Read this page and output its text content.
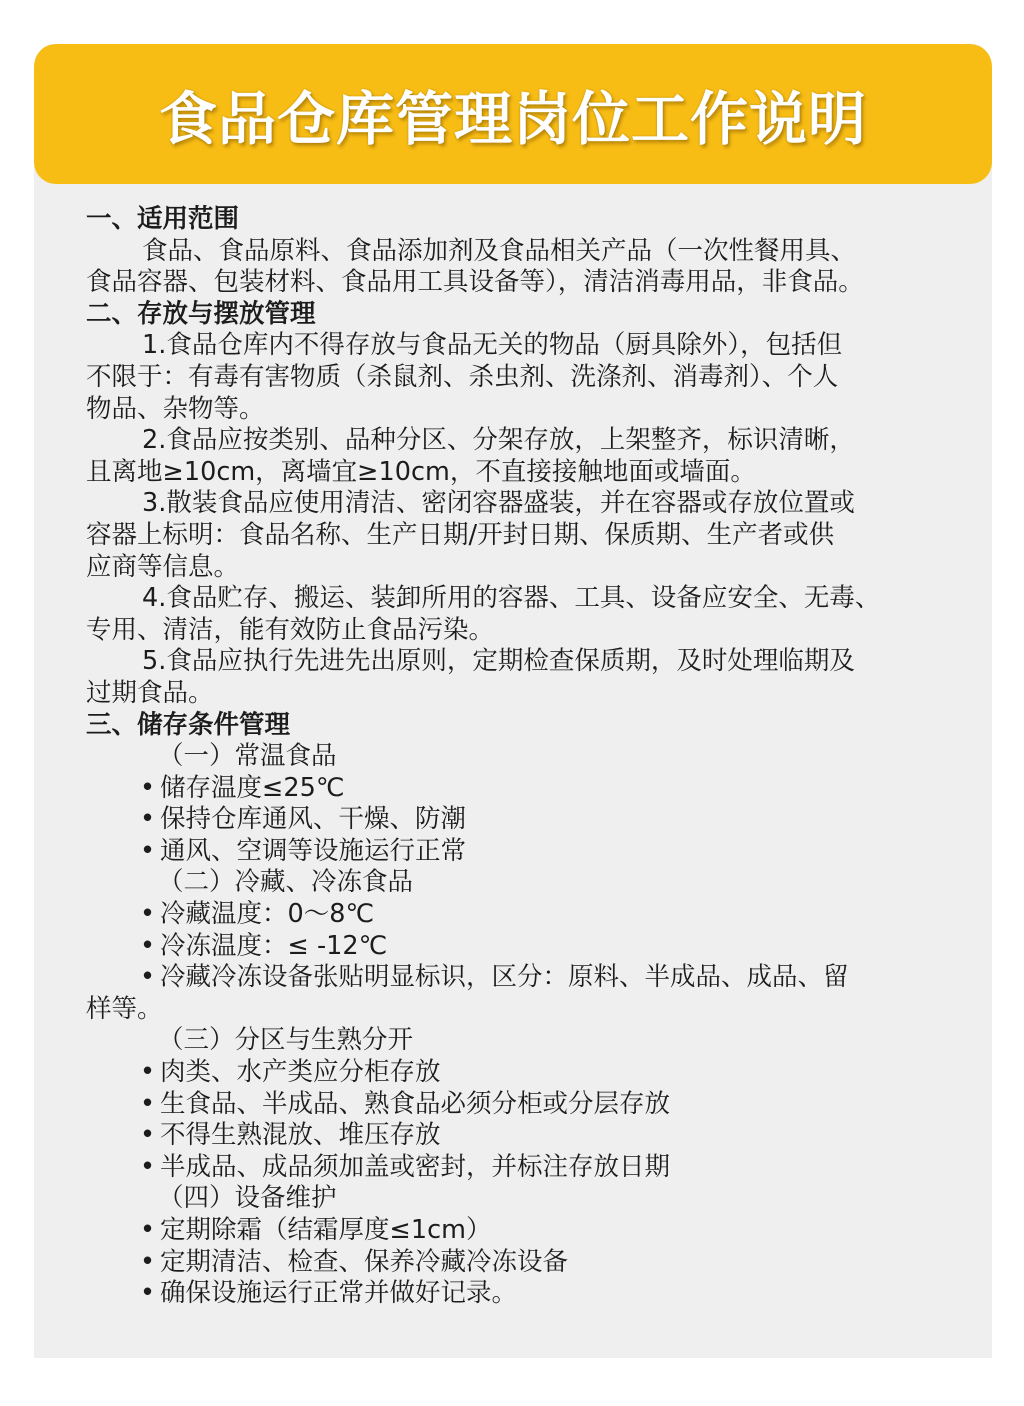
食品仓库管理岗位工作说明
一、适用范围
食品、食品原料、食品添加剂及食品相关产品（一次性餐用具、
食品容器、包装材料、食品用工具设备等），清洁消毒用品，非食品。
二、存放与摆放管理
1.食品仓库内不得存放与食品无关的物品（厨具除外），包括但
不限于：有毒有害物质（杀鼠剂、杀虫剂、洗涤剂、消毒剂）、个人
物品、杂物等。
2.食品应按类别、品种分区、分架存放，上架整齐，标识清晰，
且离地≥10cm，离墙宜≥10cm，不直接接触地面或墙面。
3.散装食品应使用清洁、密闭容器盛装，并在容器或存放位置或
容器上标明：食品名称、生产日期/开封日期、保质期、生产者或供
应商等信息。
4.食品贮存、搬运、装卸所用的容器、工具、设备应安全、无毒、
专用、清洁，能有效防止食品污染。
5.食品应执行先进先出原则，定期检查保质期，及时处理临期及
过期食品。
三、储存条件管理
（一）常温食品
• 储存温度≤25℃
• 保持仓库通风、干燥、防潮
• 通风、空调等设施运行正常
（二）冷藏、冷冻食品
• 冷藏温度：0～8℃
• 冷冻温度：≤ -12℃
• 冷藏冷冻设备张贴明显标识，区分：原料、半成品、成品、留
样等。
（三）分区与生熟分开
• 肉类、水产类应分柜存放
• 生食品、半成品、熟食品必须分柜或分层存放
• 不得生熟混放、堆压存放
• 半成品、成品须加盖或密封，并标注存放日期
（四）设备维护
• 定期除霜（结霜厚度≤1cm）
• 定期清洁、检查、保养冷藏冷冻设备
• 确保设施运行正常并做好记录。
